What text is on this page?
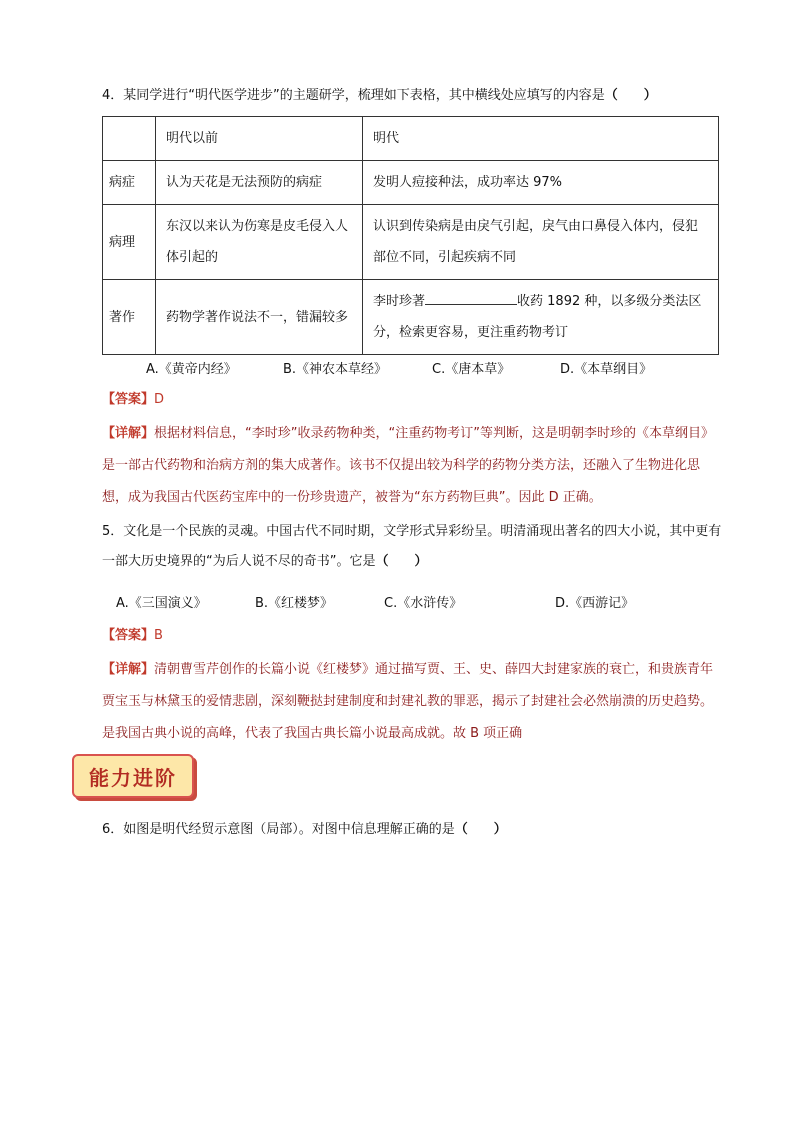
4．某同学进行“明代医学进步”的主题研学，梳理如下表格，其中横线处应填写的内容是（　　）
	明代以前	明代
病症	认为天花是无法预防的病症	发明人痘接种法，成功率达 97%
病理	东汉以来认为伤寒是皮毛侵入人体引起的	认识到传染病是由戾气引起，戾气由口鼻侵入体内，侵犯部位不同，引起疾病不同
著作	药物学著作说法不一，错漏较多	李时珍著 收药 1892 种，以多级分类法区分，检索更容易，更注重药物考订
A.《黄帝内经》	B.《神农本草经》	C.《唐本草》	D.《本草纲目》
【答案】D
【详解】根据材料信息，“李时珍”收录药物种类，“注重药物考订”等判断，这是明朝李时珍的《本草纲目》是一部古代药物和治病方剂的集大成著作。该书不仅提出较为科学的药物分类方法，还融入了生物进化思想，成为我国古代医药宝库中的一份珍贵遗产，被誉为“东方药物巨典”。因此 D 正确。
5．文化是一个民族的灵魂。中国古代不同时期，文学形式异彩纷呈。明清涌现出著名的四大小说，其中更有一部大历史境界的“为后人说不尽的奇书”。它是（　　）
A.《三国演义》	B.《红楼梦》	C.《水浒传》	D.《西游记》
【答案】B
【详解】清朝曹雪芹创作的长篇小说《红楼梦》通过描写贾、王、史、薛四大封建家族的衰亡，和贵族青年贾宝玉与林黛玉的爱情悲剧，深刻鞭挞封建制度和封建礼教的罪恶，揭示了封建社会必然崩溃的历史趋势。是我国古典小说的高峰，代表了我国古典长篇小说最高成就。故 B 项正确
能力进阶
6．如图是明代经贸示意图（局部）。对图中信息理解正确的是（　　）
